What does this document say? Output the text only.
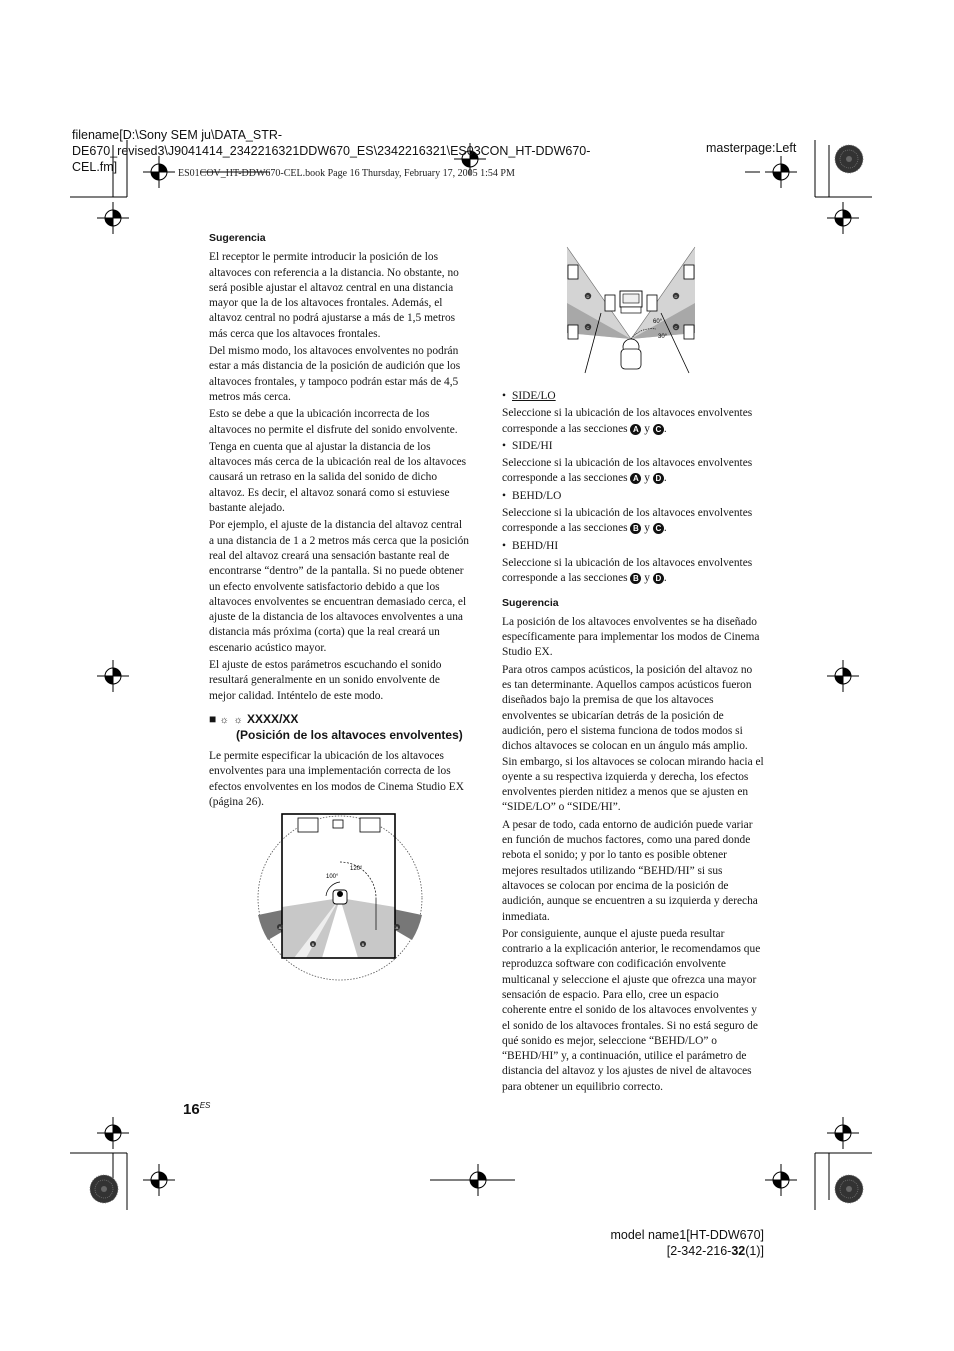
filename[D:\Sony SEM ju\DATA_STR-
DE670_revised3\J9041414_2342216321DDW670_ES\2342216321\ES03CON_HT-DDW670-
CEL.fm]
masterpage:Left
ES01COV_HT-DDW670-CEL.book Page 16 Thursday, February 17, 2005 1:54 PM
Sugerencia

El receptor le permite introducir la posición de los altavoces con referencia a la distancia. No obstante, no será posible ajustar el altavoz central en una distancia mayor que la de los altavoces frontales. Además, el altavoz central no podrá ajustarse a más de 1,5 metros más cerca que los altavoces frontales.

Del mismo modo, los altavoces envolventes no podrán estar a más distancia de la posición de audición que los altavoces frontales, y tampoco podrán estar más de 4,5 metros más cerca.

Esto se debe a que la ubicación incorrecta de los altavoces no permite el disfrute del sonido envolvente.

Tenga en cuenta que al ajustar la distancia de los altavoces más cerca de la ubicación real de los altavoces causará un retraso en la salida del sonido de dicho altavoz. Es decir, el altavoz sonará como si estuviese bastante alejado.

Por ejemplo, el ajuste de la distancia del altavoz central a una distancia de 1 a 2 metros más cerca que la posición real del altavoz creará una sensación bastante real de encontrarse “dentro” de la pantalla. Si no puede obtener un efecto envolvente satisfactorio debido a que los altavoces envolventes se encuentran demasiado cerca, el ajuste de la distancia de los altavoces envolventes a una distancia más próxima (corta) que la real creará un escenario acústico mayor.

El ajuste de estos parámetros escuchando el sonido resultará generalmente en un sonido envolvente de mejor calidad. Inténtelo de este modo.

■ ☼ ☼ XXXX/XX
(Posición de los altavoces envolventes)

Le permite especificar la ubicación de los altavoces envolventes para una implementación correcta de los efectos envolventes en los modos de Cinema Studio EX (página 26).

120°
100°
A
B	B
A
60°
30°
D	D
C	C

• SIDE/LO

Seleccione si la ubicación de los altavoces envolventes corresponde a las secciones A y C .

• SIDE/HI

Seleccione si la ubicación de los altavoces envolventes corresponde a las secciones A y D .

• BEHD/LO

Seleccione si la ubicación de los altavoces envolventes corresponde a las secciones B y C .

• BEHD/HI

Seleccione si la ubicación de los altavoces envolventes corresponde a las secciones B y D .

Sugerencia

La posición de los altavoces envolventes se ha diseñado específicamente para implementar los modos de Cinema Studio EX.

Para otros campos acústicos, la posición del altavoz no es tan determinante. Aquellos campos acústicos fueron diseñados bajo la premisa de que los altavoces envolventes se ubicarían detrás de la posición de audición, pero el sistema funciona de todos modos si dichos altavoces se colocan en un ángulo más amplio. Sin embargo, si los altavoces se colocan mirando hacia el oyente a su respectiva izquierda y derecha, los efectos envolventes pierden nitidez a menos que se ajusten en “SIDE/LO” o “SIDE/HI”.

A pesar de todo, cada entorno de audición puede variar en función de muchos factores, como una pared donde rebota el sonido; y por lo tanto es posible obtener mejores resultados utilizando “BEHD/HI” si sus altavoces se colocan por encima de la posición de audición, aunque se encuentren a su izquierda y derecha inmediata.

Por consiguiente, aunque el ajuste pueda resultar contrario a la explicación anterior, le recomendamos que reproduzca software con codificación envolvente multicanal y seleccione el ajuste que ofrezca una mayor sensación de espacio. Para ello, cree un espacio coherente entre el sonido de los altavoces envolventes y el sonido de los altavoces frontales. Si no está seguro de qué sonido es mejor, seleccione “BEHD/LO” o “BEHD/HI” y, a continuación, utilice el parámetro de distancia del altavoz y los ajustes de nivel de altavoces para obtener un equilibrio correcto.

$16^{ES}$
model name1[HT-DDW670]
[2-342-216-32(1)]
